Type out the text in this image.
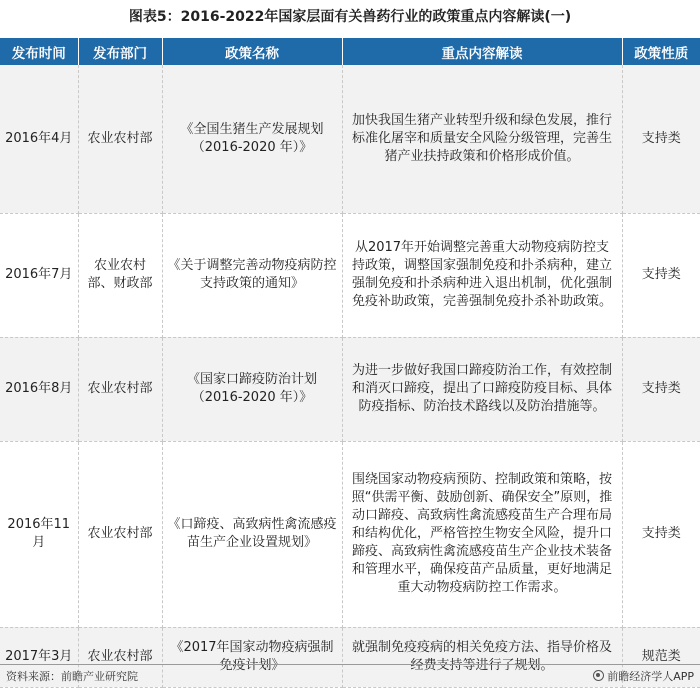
图表5：2016-2022年国家层面有关兽药行业的政策重点内容解读(一)
发布时间	发布部门	政策名称	重点内容解读	政策性质
2016年4月	农业农村部	《全国生猪生产发展规划（2016-2020 年）》	加快我国生猪产业转型升级和绿色发展，推行标准化屠宰和质量安全风险分级管理，完善生猪产业扶持政策和价格形成价值。	支持类
2016年7月	农业农村部、财政部	《关于调整完善动物疫病防控支持政策的通知》	从2017年开始调整完善重大动物疫病防控支持政策，调整国家强制免疫和扑杀病种，建立强制免疫和扑杀病种进入退出机制，优化强制免疫补助政策，完善强制免疫扑杀补助政策。	支持类
2016年8月	农业农村部	《国家口蹄疫防治计划（2016-2020 年）》	为进一步做好我国口蹄疫防治工作，有效控制和消灭口蹄疫，提出了口蹄疫防疫目标、具体防疫指标、防治技术路线以及防治措施等。	支持类
2016年11月	农业农村部	《口蹄疫、高致病性禽流感疫苗生产企业设置规划》	围绕国家动物疫病预防、控制政策和策略，按照“供需平衡、鼓励创新、确保安全”原则，推动口蹄疫、高致病性禽流感疫苗生产合理布局和结构优化，严格管控生物安全风险，提升口蹄疫、高致病性禽流感疫苗生产企业技术装备和管理水平，确保疫苗产品质量，更好地满足重大动物疫病防控工作需求。	支持类
2017年3月	农业农村部	《2017年国家动物疫病强制免疫计划》	就强制免疫疫病的相关免疫方法、指导价格及经费支持等进行了规划。	规范类
资料来源：前瞻产业研究院	前瞻经济学人APP
